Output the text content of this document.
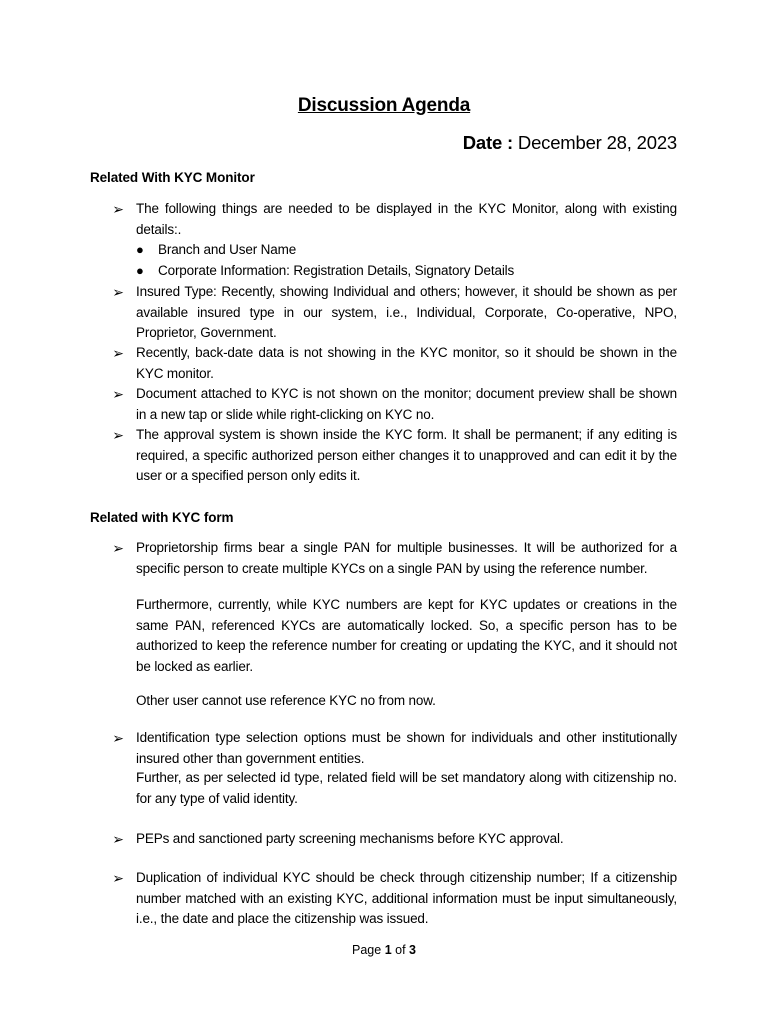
Discussion Agenda
Date : December 28, 2023
Related With KYC Monitor
➢ The following things are needed to be displayed in the KYC Monitor, along with existing details:.
● Branch and User Name
● Corporate Information: Registration Details, Signatory Details
➢ Insured Type: Recently, showing Individual and others; however, it should be shown as per available insured type in our system, i.e., Individual, Corporate, Co-operative, NPO, Proprietor, Government.
➢ Recently, back-date data is not showing in the KYC monitor, so it should be shown in the KYC monitor.
➢ Document attached to KYC is not shown on the monitor; document preview shall be shown in a new tap or slide while right-clicking on KYC no.
➢ The approval system is shown inside the KYC form. It shall be permanent; if any editing is required, a specific authorized person either changes it to unapproved and can edit it by the user or a specified person only edits it.
Related with KYC form
➢ Proprietorship firms bear a single PAN for multiple businesses. It will be authorized for a specific person to create multiple KYCs on a single PAN by using the reference number.
Furthermore, currently, while KYC numbers are kept for KYC updates or creations in the same PAN, referenced KYCs are automatically locked. So, a specific person has to be authorized to keep the reference number for creating or updating the KYC, and it should not be locked as earlier.
Other user cannot use reference KYC no from now.
➢ Identification type selection options must be shown for individuals and other institutionally insured other than government entities.
Further, as per selected id type, related field will be set mandatory along with citizenship no. for any type of valid identity.
➢ PEPs and sanctioned party screening mechanisms before KYC approval.
➢ Duplication of individual KYC should be check through citizenship number; If a citizenship number matched with an existing KYC, additional information must be input simultaneously, i.e., the date and place the citizenship was issued.
Page 1 of 3
